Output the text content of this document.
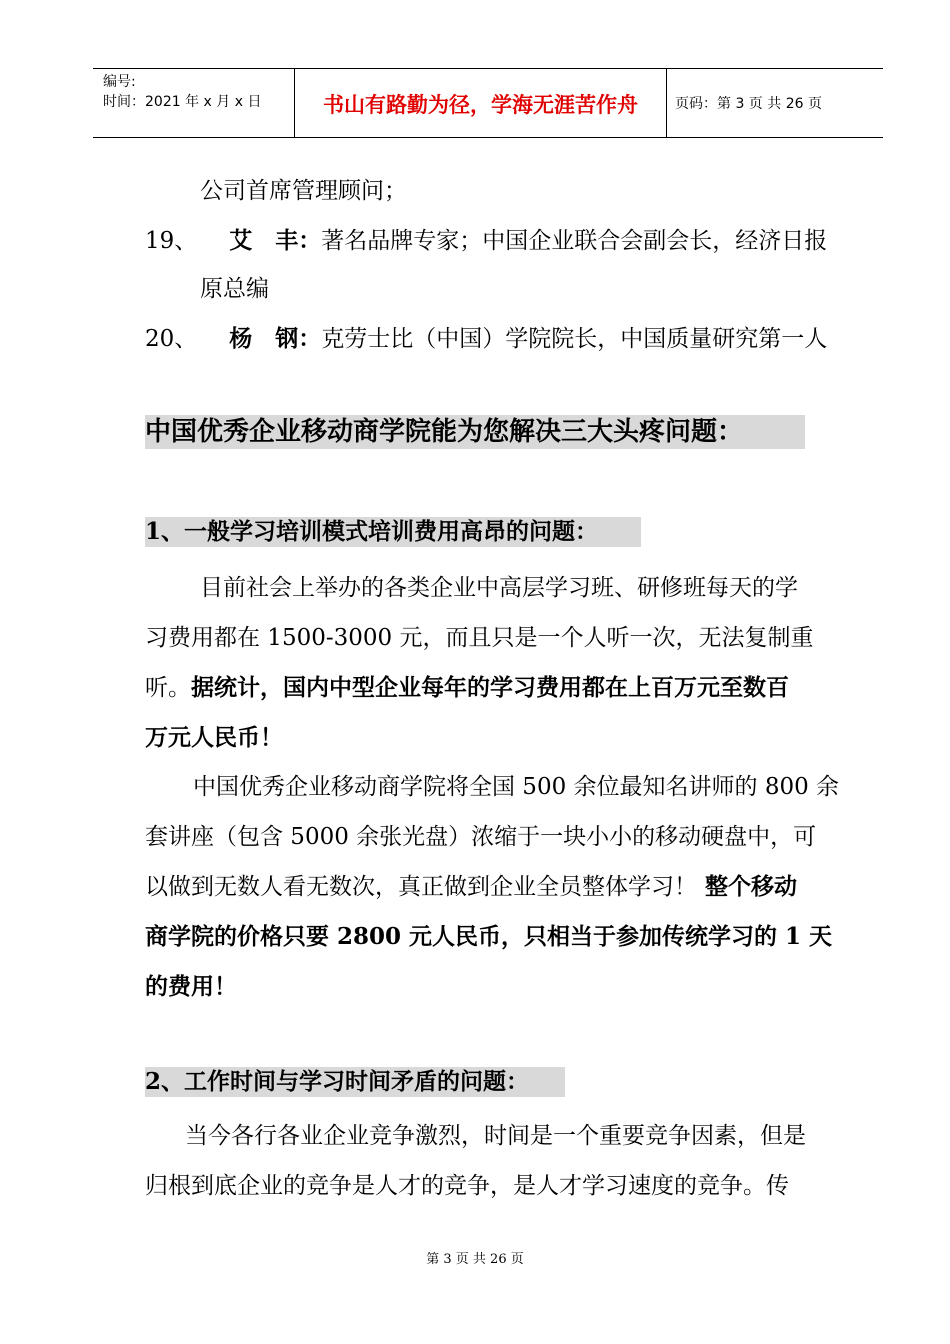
编号:
时间：2021 年 x 月 x 日	书山有路勤为径，学海无涯苦作舟	页码：第 3 页 共 26 页
公司首席管理顾问；
19、 艾　丰：著名品牌专家；中国企业联合会副会长，经济日报
原总编
20、 杨　钢：克劳士比（中国）学院院长，中国质量研究第一人
中国优秀企业移动商学院能为您解决三大头疼问题：
1、一般学习培训模式培训费用高昂的问题：
目前社会上举办的各类企业中高层学习班、研修班每天的学
习费用都在 1500-3000 元，而且只是一个人听一次，无法复制重
听。据统计，国内中型企业每年的学习费用都在上百万元至数百
万元人民币！
中国优秀企业移动商学院将全国 500 余位最知名讲师的 800 余
套讲座（包含 5000 余张光盘）浓缩于一块小小的移动硬盘中，可
以做到无数人看无数次，真正做到企业全员整体学习！ 整个移动
商学院的价格只要 2800 元人民币，只相当于参加传统学习的 1 天
的费用！
2、工作时间与学习时间矛盾的问题：
当今各行各业企业竞争激烈，时间是一个重要竞争因素，但是
归根到底企业的竞争是人才的竞争，是人才学习速度的竞争。传
第 3 页 共 26 页
